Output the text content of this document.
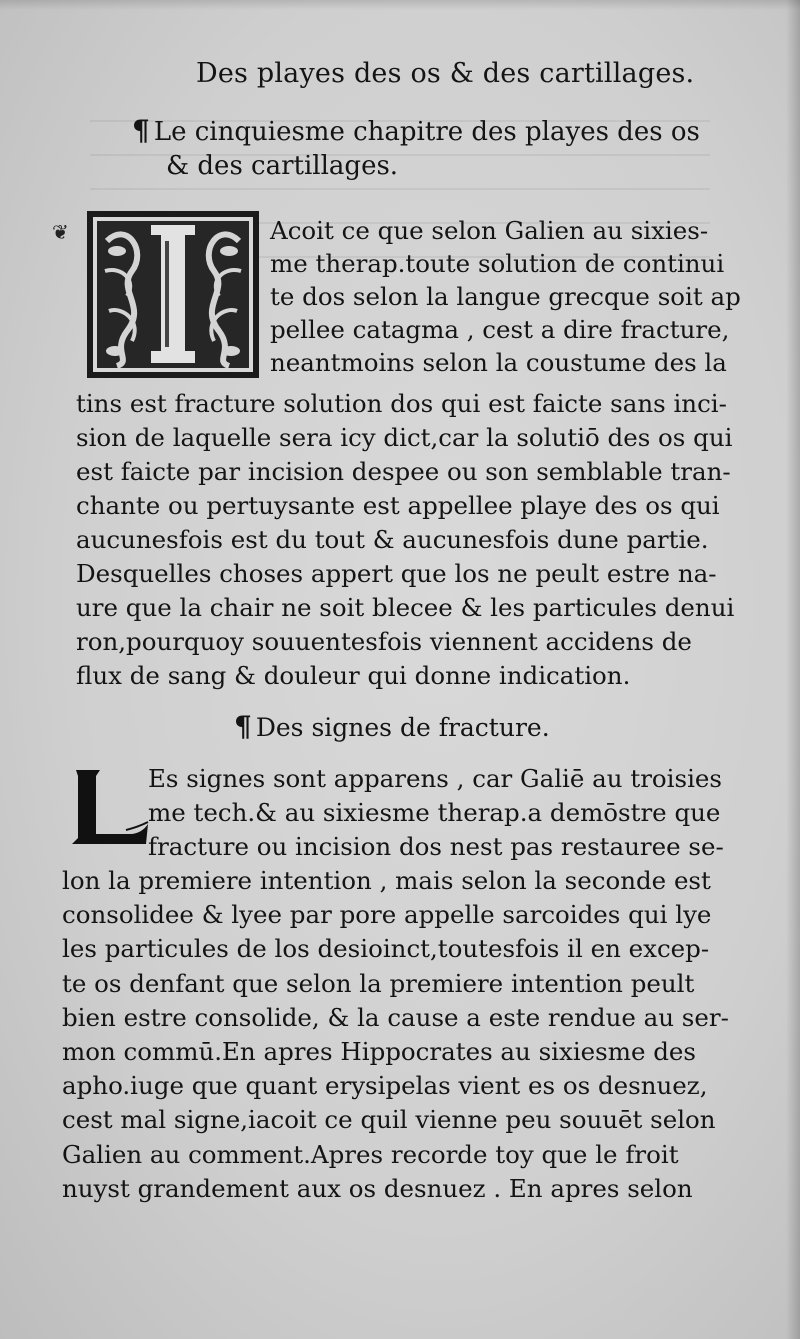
Des playes des os & des cartillages.
¶ Le cinquiesme chapitre des playes des os
& des cartillages.
❦	Acoit ce que selon Galien au sixies-
me therap.toute solution de continui
te dos selon la langue grecque soit ap
pellee catagma , cest a dire fracture,
neantmoins selon la coustume des la
tins est fracture solution dos qui est faicte sans inci-
sion de laquelle sera icy dict,car la solutiō des os qui
est faicte par incision despee ou son semblable tran-
chante ou pertuysante est appellee playe des os qui
aucunesfois est du tout & aucunesfois dune partie.
Desquelles choses appert que los ne peult estre na-
ure que la chair ne soit blecee & les particules denui
ron,pourquoy souuentesfois viennent accidens de
flux de sang & douleur qui donne indication.
¶ Des signes de fracture.
Es signes sont apparens , car Galiē au troisies
me tech.& au sixiesme therap.a demōstre que
fracture ou incision dos nest pas restauree se-
lon la premiere intention , mais selon la seconde est
consolidee & lyee par pore appelle sarcoides qui lye
les particules de los desioinct,toutesfois il en excep-
te os denfant que selon la premiere intention peult
bien estre consolide, & la cause a este rendue au ser-
mon commū.En apres Hippocrates au sixiesme des
apho.iuge que quant erysipelas vient es os desnuez,
cest mal signe,iacoit ce quil vienne peu souuēt selon
Galien au comment.Apres recorde toy que le froit
nuyst grandement aux os desnuez . En apres selon
